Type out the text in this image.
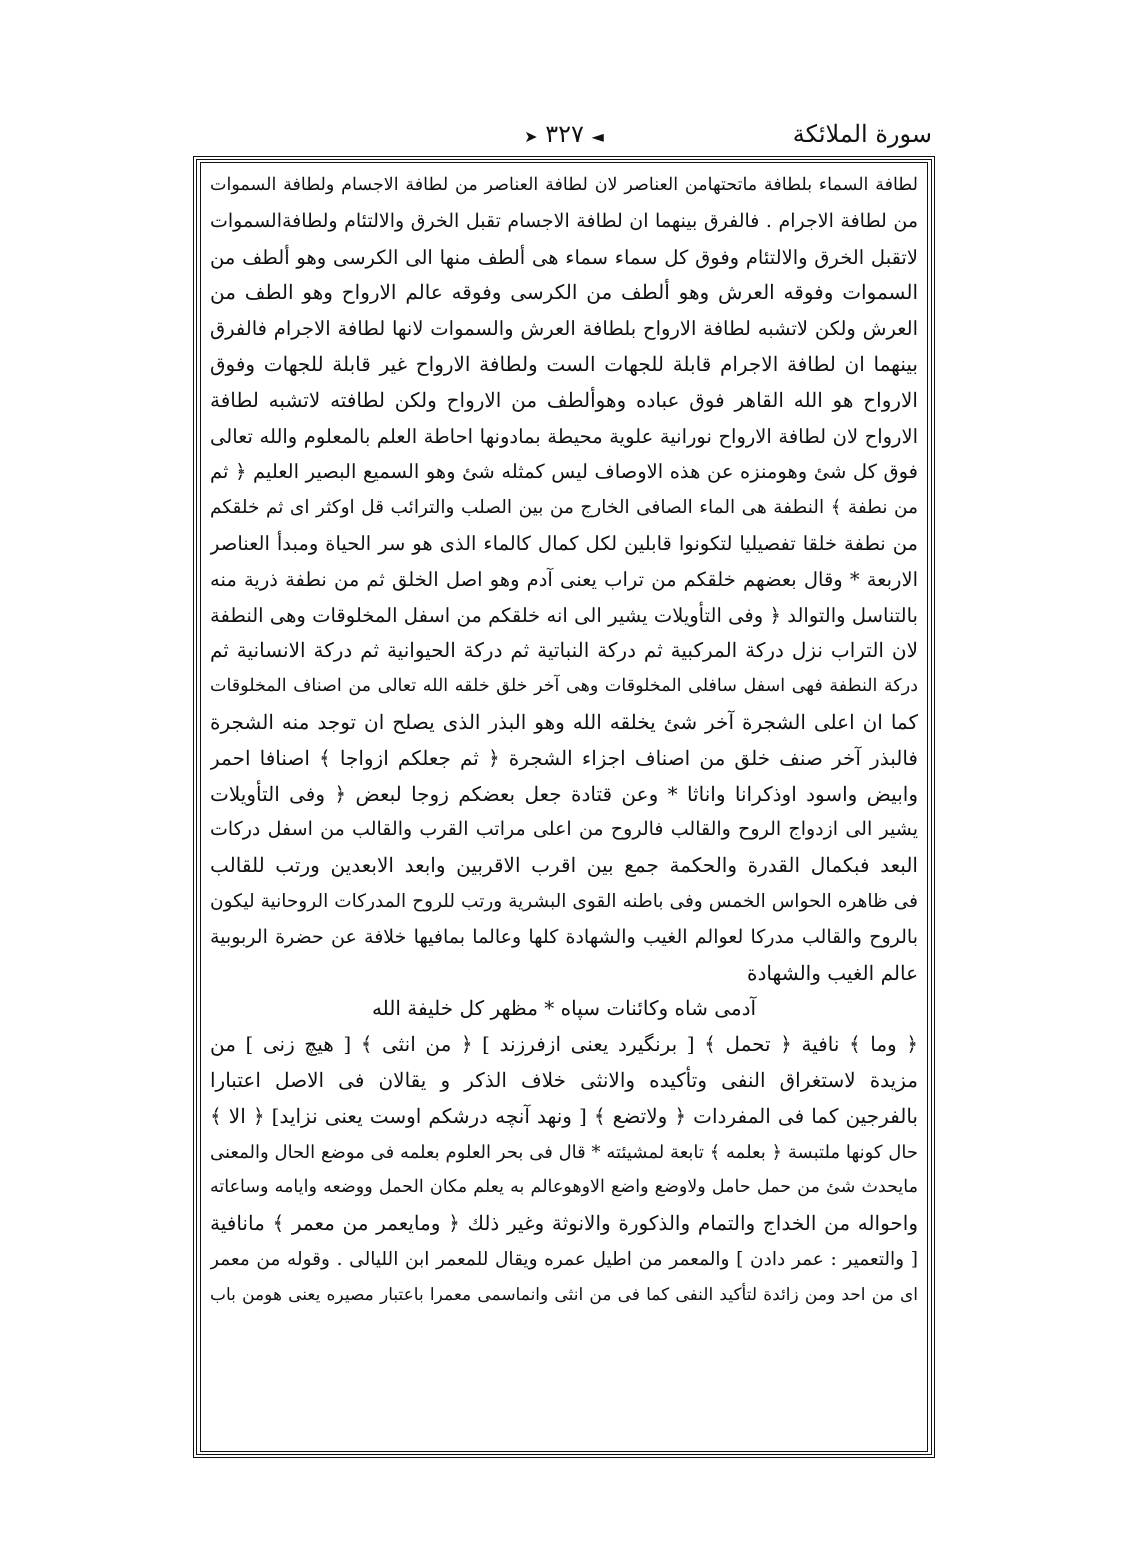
سورة الملائكة
➤ ٣٢٧ ◄
لطافة السماء بلطافة ماتحتهامن العناصر لان لطافة العناصر من لطافة الاجسام ولطافة السموات
من لطافة الاجرام . فالفرق بينهما ان لطافة الاجسام تقبل الخرق والالتئام ولطافةالسموات
لاتقبل الخرق والالتئام وفوق كل سماء سماء هى ألطف منها الى الكرسى وهو ألطف من
السموات وفوقه العرش وهو ألطف من الكرسى وفوقه عالم الارواح وهو الطف من
العرش ولكن لاتشبه لطافة الارواح بلطافة العرش والسموات لانها لطافة الاجرام فالفرق
بينهما ان لطافة الاجرام قابلة للجهات الست ولطافة الارواح غير قابلة للجهات وفوق
الارواح هو الله القاهر فوق عباده وهوألطف من الارواح ولكن لطافته لاتشبه لطافة
الارواح لان لطافة الارواح نورانية علوية محيطة بمادونها احاطة العلم بالمعلوم والله تعالى
فوق كل شئ وهومنزه عن هذه الاوصاف ليس كمثله شئ وهو السميع البصير العليم ﴿ ثم
من نطفة ﴾ النطفة هى الماء الصافى الخارج من بين الصلب والترائب قل اوكثر اى ثم خلقكم
من نطفة خلقا تفصيليا لتكونوا قابلين لكل كمال كالماء الذى هو سر الحياة ومبدأ العناصر
الاربعة * وقال بعضهم خلقكم من تراب يعنى آدم وهو اصل الخلق ثم من نطفة ذرية منه
بالتناسل والتوالد ﴿ وفى التأويلات يشير الى انه خلقكم من اسفل المخلوقات وهى النطفة
لان التراب نزل دركة المركبية ثم دركة النباتية ثم دركة الحيوانية ثم دركة الانسانية ثم
دركة النطفة فهى اسفل سافلى المخلوقات وهى آخر خلق خلقه الله تعالى من اصناف المخلوقات
كما ان اعلى الشجرة آخر شئ يخلقه الله وهو البذر الذى يصلح ان توجد منه الشجرة
فالبذر آخر صنف خلق من اصناف اجزاء الشجرة ﴿ ثم جعلكم ازواجا ﴾ اصنافا احمر
وابيض واسود اوذكرانا واناثا * وعن قتادة جعل بعضكم زوجا لبعض ﴿ وفى التأويلات
يشير الى ازدواج الروح والقالب فالروح من اعلى مراتب القرب والقالب من اسفل دركات
البعد فبكمال القدرة والحكمة جمع بين اقرب الاقربين وابعد الابعدين ورتب للقالب
فى ظاهره الحواس الخمس وفى باطنه القوى البشرية ورتب للروح المدركات الروحانية ليكون
بالروح والقالب مدركا لعوالم الغيب والشهادة كلها وعالما بمافيها خلافة عن حضرة الربوبية
عالم الغيب والشهادة
آدمى شاه وكائنات سپاه * مظهر كل خليفة الله
﴿ وما ﴾ نافية ﴿ تحمل ﴾ [ برنگيرد يعنى ازفرزند ] ﴿ من انثى ﴾ [ هيچ زنى ] من
مزيدة لاستغراق النفى وتأكيده والانثى خلاف الذكر و يقالان فى الاصل اعتبارا
بالفرجين كما فى المفردات ﴿ ولاتضع ﴾ [ ونهد آنچه درشكم اوست يعنى نزايد] ﴿ الا ﴾
حال كونها ملتبسة ﴿ بعلمه ﴾ تابعة لمشيئته * قال فى بحر العلوم بعلمه فى موضع الحال والمعنى
مايحدث شئ من حمل حامل ولاوضع واضع الاوهوعالم به يعلم مكان الحمل ووضعه وايامه وساعاته
واحواله من الخداج والتمام والذكورة والانوثة وغير ذلك ﴿ ومايعمر من معمر ﴾ مانافية
[ والتعمير : عمر دادن ] والمعمر من اطيل عمره ويقال للمعمر ابن الليالى . وقوله من معمر
اى من احد ومن زائدة لتأكيد النفى كما فى من انثى وانماسمى معمرا باعتبار مصيره يعنى هومن باب
